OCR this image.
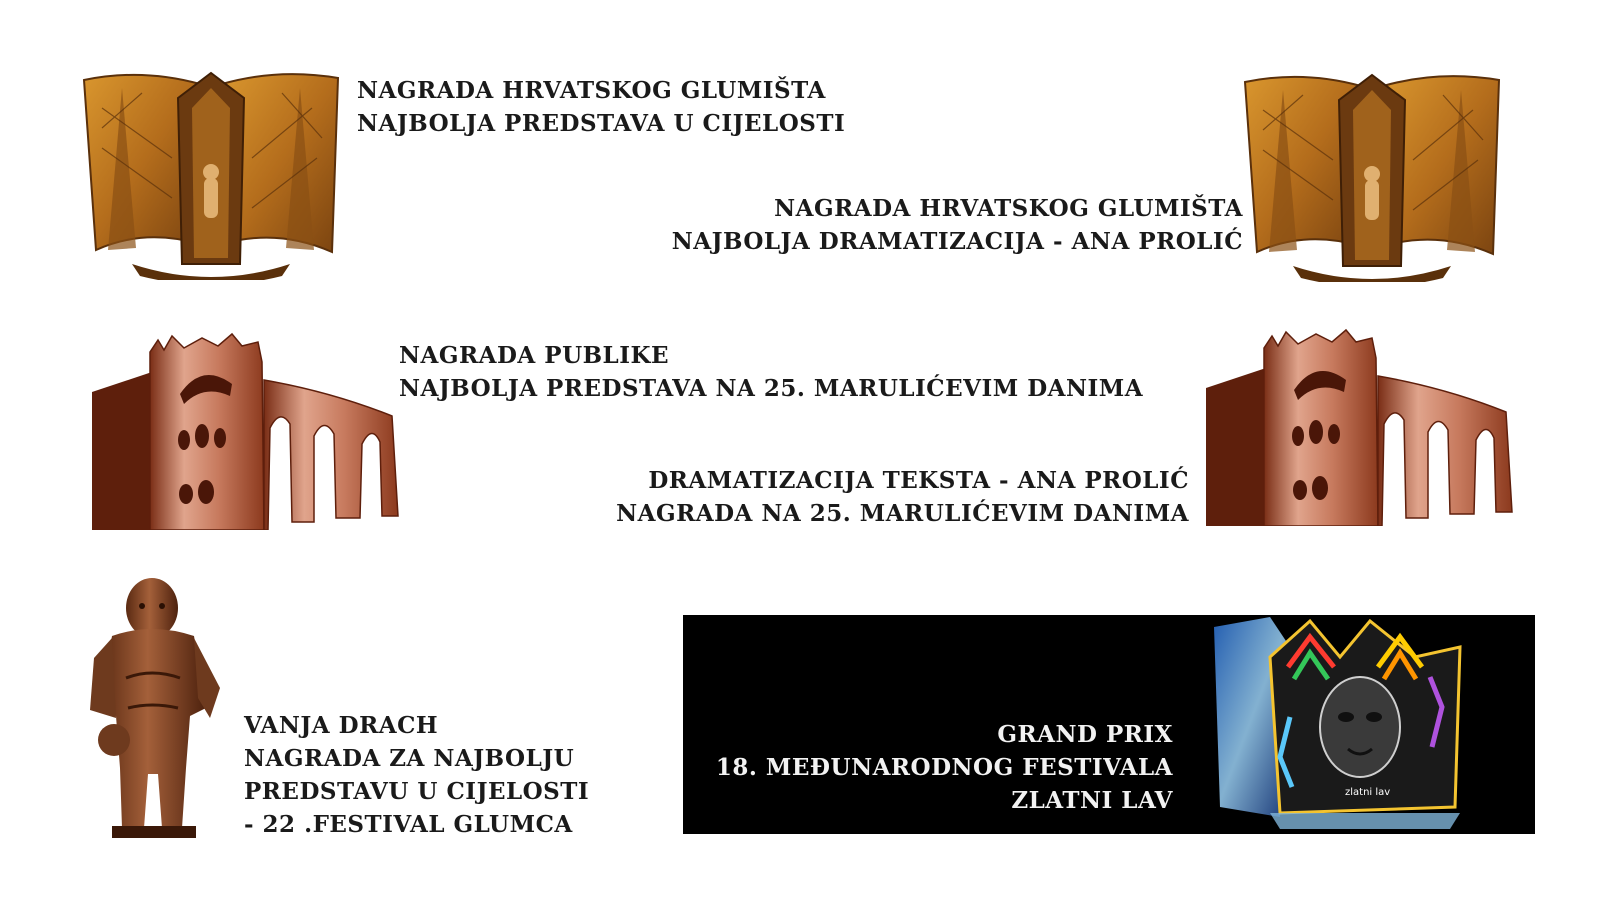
NAGRADA HRVATSKOG GLUMIŠTA
NAJBOLJA PREDSTAVA U CIJELOSTI

NAGRADA HRVATSKOG GLUMIŠTA
NAJBOLJA DRAMATIZACIJA - ANA PROLIĆ

NAGRADA PUBLIKE
NAJBOLJA PREDSTAVA NA 25. MARULIĆEVIM DANIMA

DRAMATIZACIJA TEKSTA - ANA PROLIĆ
NAGRADA NA 25. MARULIĆEVIM DANIMA

VANJA DRACH
NAGRADA ZA NAJBOLJU
PREDSTAVU U CIJELOSTI
- 22 .FESTIVAL GLUMCA

GRAND PRIX
18. MEĐUNARODNOG FESTIVALA
ZLATNI LAV	zlatni lav
